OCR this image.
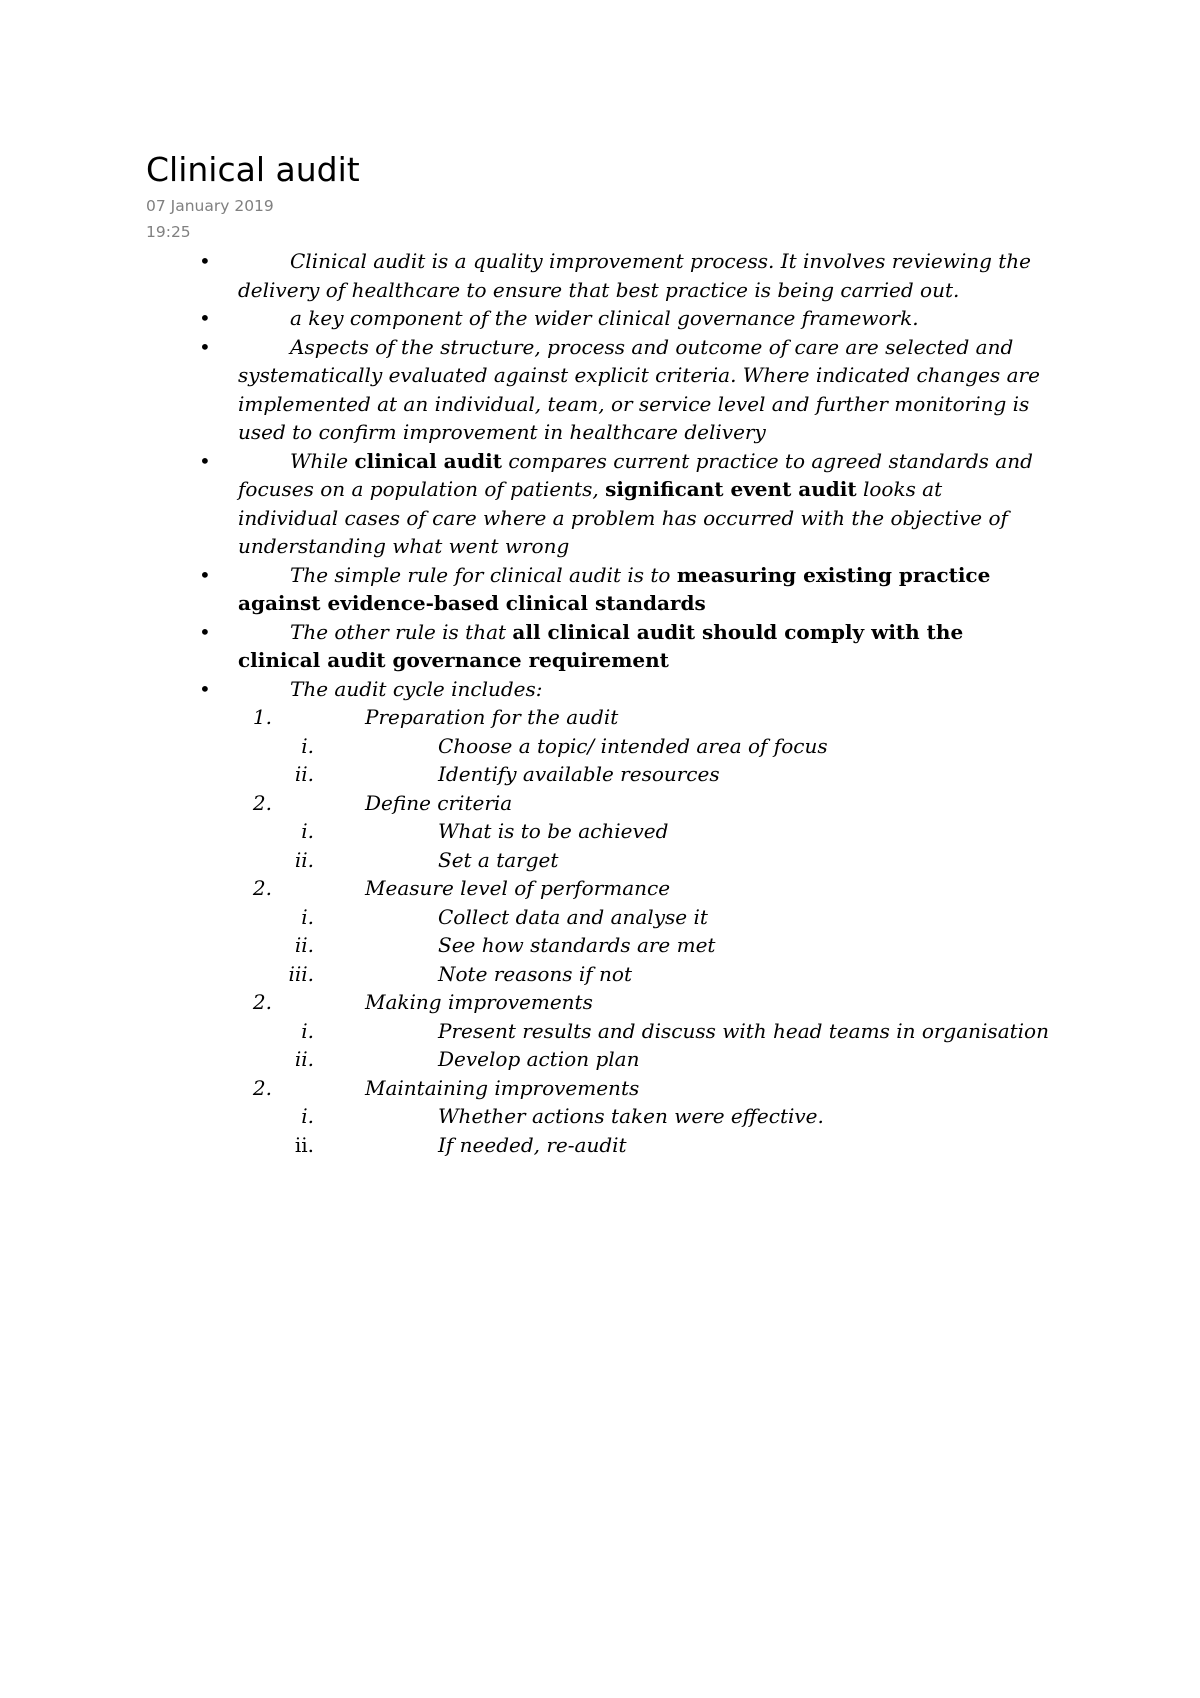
Clinical audit
07 January 2019
19:25
•	Clinical audit is a quality improvement process. It involves reviewing the delivery of healthcare to ensure that best practice is being carried out.
•	a key component of the wider clinical governance framework.
•	Aspects of the structure, process and outcome of care are selected and systematically evaluated against explicit criteria. Where indicated changes are implemented at an individual, team, or service level and further monitoring is used to confirm improvement in healthcare delivery
•	While clinical audit compares current practice to agreed standards and focuses on a population of patients, significant event audit looks at individual cases of care where a problem has occurred with the objective of understanding what went wrong
•	The simple rule for clinical audit is to measuring existing practice against evidence-based clinical standards
•	The other rule is that all clinical audit should comply with the clinical audit governance requirement
•	The audit cycle includes:
1.	Preparation for the audit
i.	Choose a topic/ intended area of focus
ii.	Identify available resources
2.	Define criteria
i.	What is to be achieved
ii.	Set a target
2.	Measure level of performance
i.	Collect data and analyse it
ii.	See how standards are met
iii.	Note reasons if not
2.	Making improvements
i.	Present results and discuss with head teams in organisation
ii.	Develop action plan
2.	Maintaining improvements
i.	Whether actions taken were effective.
ii.	If needed, re-audit
